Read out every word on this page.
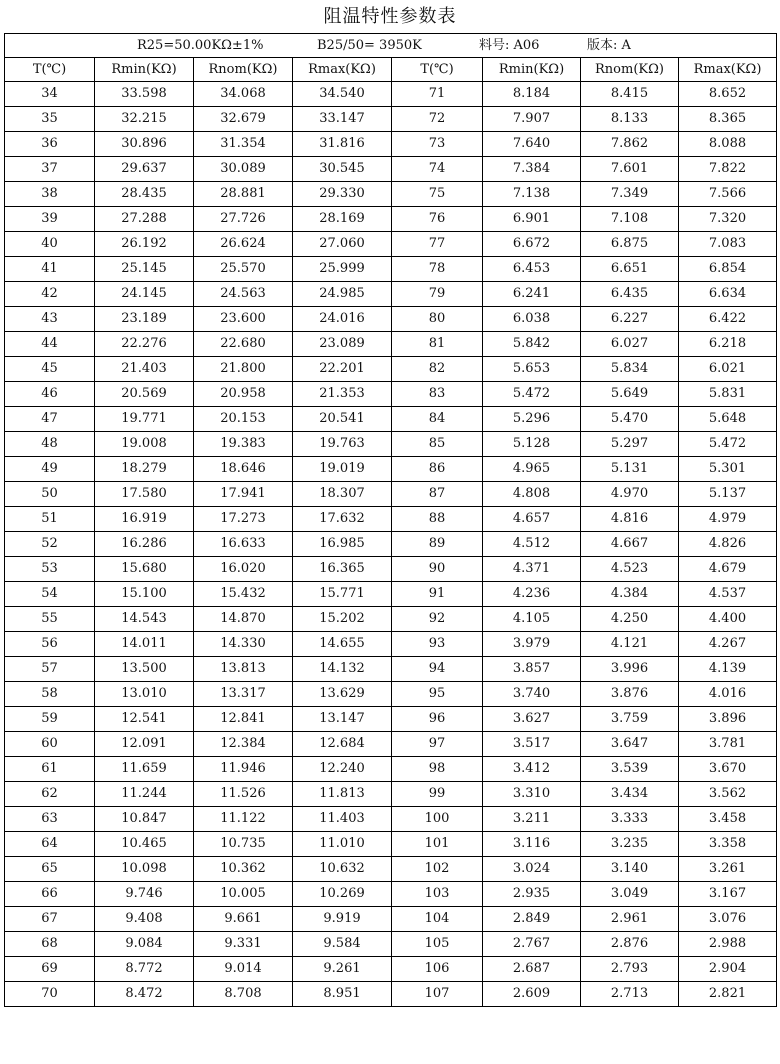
阻温特性参数表
R25=50.00KΩ±1% B25/50= 3950K 料号: A06 版本: A							

T(℃)	Rmin(KΩ)	Rnom(KΩ)	Rmax(KΩ)	T(℃)	Rmin(KΩ)	Rnom(KΩ)	Rmax(KΩ)
34	33.598	34.068	34.540	71	8.184	8.415	8.652
35	32.215	32.679	33.147	72	7.907	8.133	8.365
36	30.896	31.354	31.816	73	7.640	7.862	8.088
37	29.637	30.089	30.545	74	7.384	7.601	7.822
38	28.435	28.881	29.330	75	7.138	7.349	7.566
39	27.288	27.726	28.169	76	6.901	7.108	7.320
40	26.192	26.624	27.060	77	6.672	6.875	7.083
41	25.145	25.570	25.999	78	6.453	6.651	6.854
42	24.145	24.563	24.985	79	6.241	6.435	6.634
43	23.189	23.600	24.016	80	6.038	6.227	6.422
44	22.276	22.680	23.089	81	5.842	6.027	6.218
45	21.403	21.800	22.201	82	5.653	5.834	6.021
46	20.569	20.958	21.353	83	5.472	5.649	5.831
47	19.771	20.153	20.541	84	5.296	5.470	5.648
48	19.008	19.383	19.763	85	5.128	5.297	5.472
49	18.279	18.646	19.019	86	4.965	5.131	5.301
50	17.580	17.941	18.307	87	4.808	4.970	5.137
51	16.919	17.273	17.632	88	4.657	4.816	4.979
52	16.286	16.633	16.985	89	4.512	4.667	4.826
53	15.680	16.020	16.365	90	4.371	4.523	4.679
54	15.100	15.432	15.771	91	4.236	4.384	4.537
55	14.543	14.870	15.202	92	4.105	4.250	4.400
56	14.011	14.330	14.655	93	3.979	4.121	4.267
57	13.500	13.813	14.132	94	3.857	3.996	4.139
58	13.010	13.317	13.629	95	3.740	3.876	4.016
59	12.541	12.841	13.147	96	3.627	3.759	3.896
60	12.091	12.384	12.684	97	3.517	3.647	3.781
61	11.659	11.946	12.240	98	3.412	3.539	3.670
62	11.244	11.526	11.813	99	3.310	3.434	3.562
63	10.847	11.122	11.403	100	3.211	3.333	3.458
64	10.465	10.735	11.010	101	3.116	3.235	3.358
65	10.098	10.362	10.632	102	3.024	3.140	3.261
66	9.746	10.005	10.269	103	2.935	3.049	3.167
67	9.408	9.661	9.919	104	2.849	2.961	3.076
68	9.084	9.331	9.584	105	2.767	2.876	2.988
69	8.772	9.014	9.261	106	2.687	2.793	2.904
70	8.472	8.708	8.951	107	2.609	2.713	2.821
